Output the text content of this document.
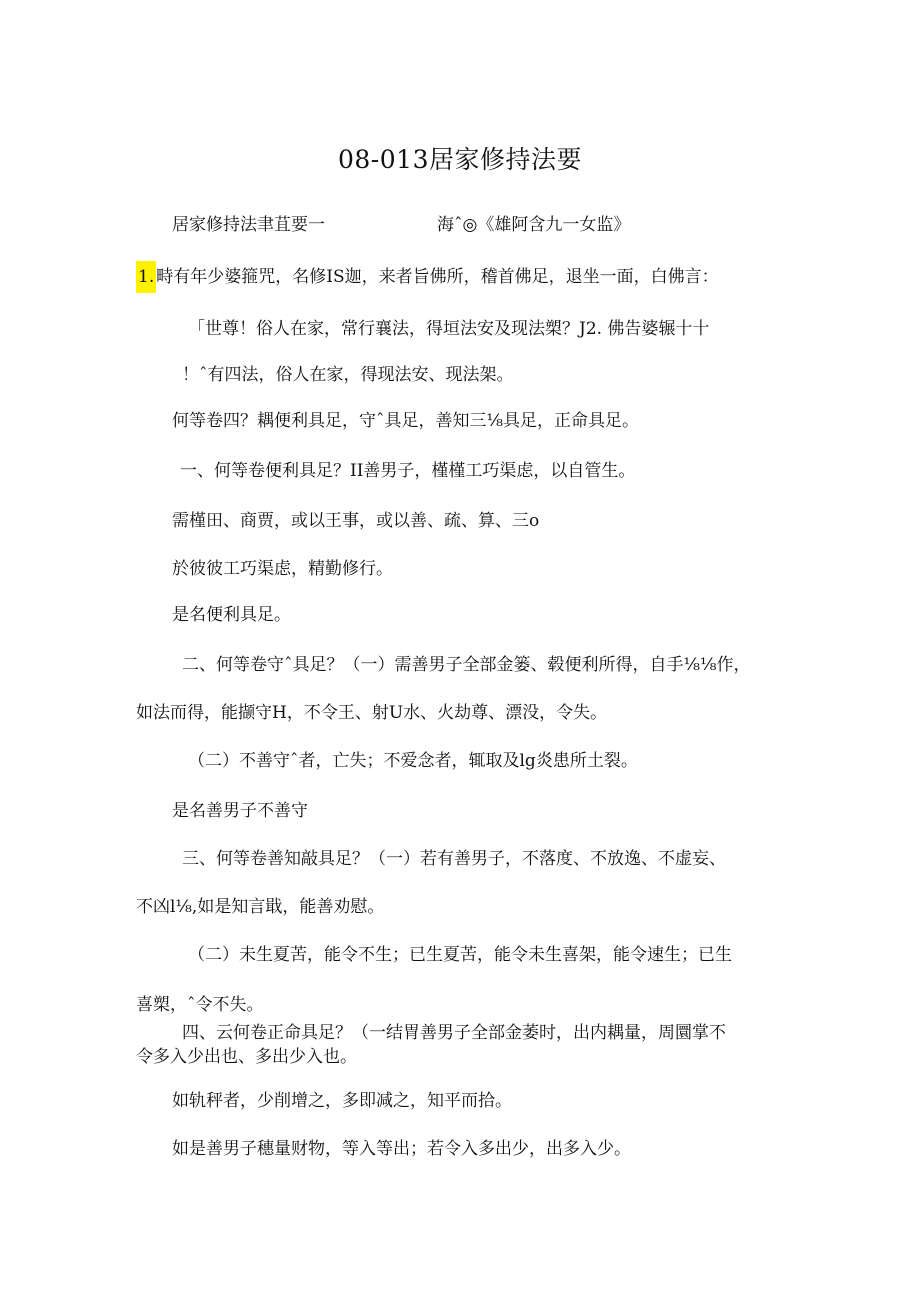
08-013居家修持法要
居家修持法聿苴要一	海ˆ◎《雄阿含九一女监》
1. 畤有年少婆箍咒，名修IS迦，来者旨佛所，稽首佛足，退坐一面，白佛言：
「世尊！俗人在家，常行襄法，得垣法安及现法槊？J2. 佛告婆辗十十
！ˆ有四法，俗人在家，得现法安、现法架。
何等卷四？耦便利具足，守ˆ具足，善知三⅛具足，正命具足。
一、何等卷便利具足？II善男子，槿槿工巧渠虑，以自管生。
需槿田、商贾，或以王事，或以善、疏、算、三o
於彼彼工巧渠虑，精勤修行。
是名便利具足。
二、何等卷守ˆ具足？（一）需善男子全部金篓、毂便利所得，自手⅛⅛作，
如法而得，能撷守H，不令王、射U水、火劫尊、漂没，令失。
（二）不善守ˆ者，亡失；不爱念者，辄取及lg炎患所土裂。
是名善男子不善守
三、何等卷善知敲具足？（一）若有善男子，不落度、不放逸、不虚妄、
不凶l⅛,如是知言戢，能善劝慰。
（二）未生夏苦，能令不生；已生夏苦，能令未生喜架，能令速生；已生
喜槊，ˆ令不失。
四、云何卷正命具足？（一结胃善男子全部金萎时，出内耦量，周圜掌不
令多入少出也、多出少入也。
如轨秤者，少削增之，多即减之，知平而拾。
如是善男子穗量财物，等入等出；若令入多出少，出多入少。
